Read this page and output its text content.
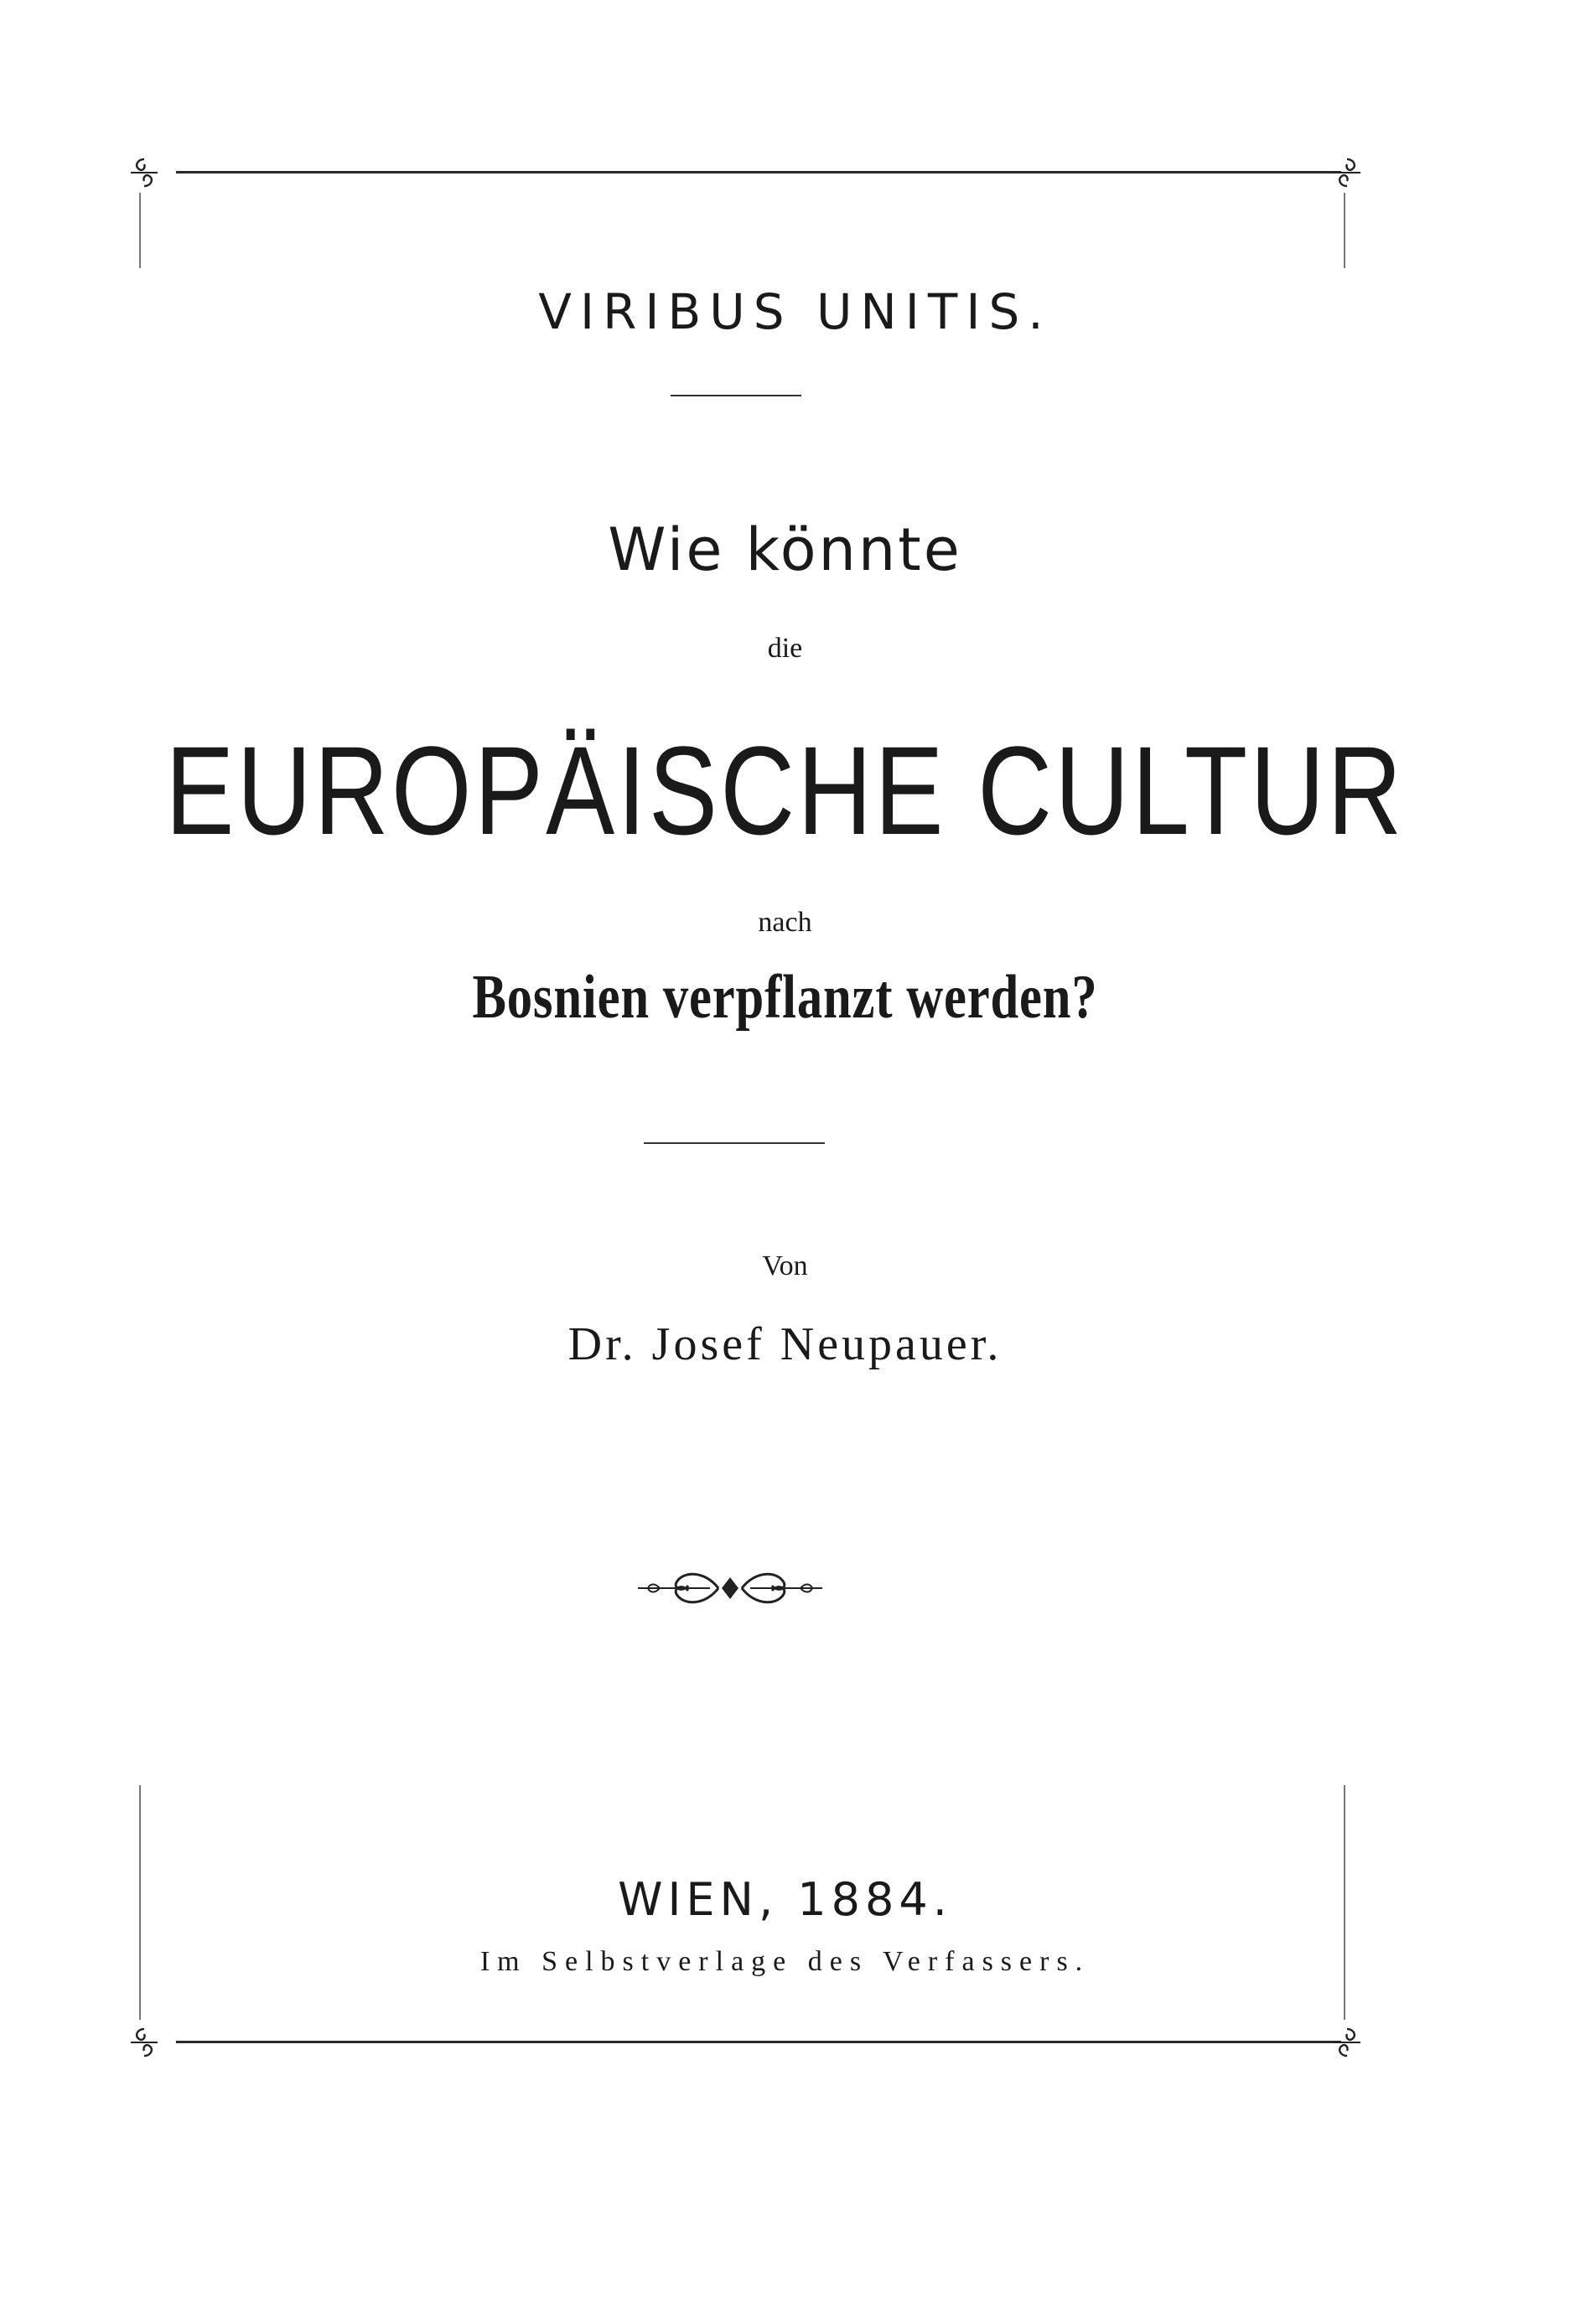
VIRIBUS UNITIS.
Wie könnte
die
EUROPÄISCHE CULTUR
nach
Bosnien verpflanzt werden?
Von
Dr. Josef Neupauer.
WIEN, 1884.
Im Selbstverlage des Verfassers.
